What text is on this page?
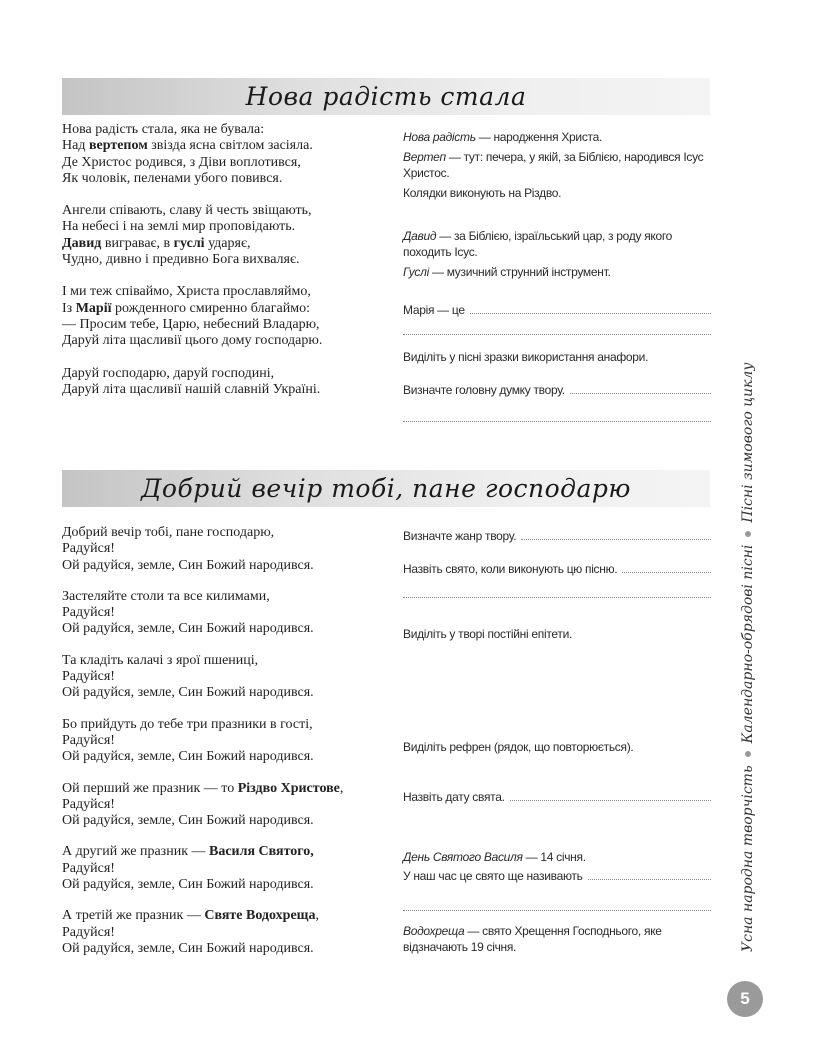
Нова радість стала
Нова радість стала, яка не бувала:
Над вертепом звізда ясна світлом засіяла.
Де Христос родився, з Діви воплотився,
Як чоловік, пеленами убого повився.
Ангели співають, славу й честь звіщають,
На небесі і на землі мир проповідають.
Давид виграває, в гуслі ударяє,
Чудно, дивно і предивно Бога вихваляє.
І ми теж співаймо, Христа прославляймо,
Із Марії рожденного смиренно благаймо:
— Просим тебе, Царю, небесний Владарю,
Даруй літа щасливії цього дому господарю.
Даруй господарю, даруй господині,
Даруй літа щасливії нашій славній Україні.
Нова радість — народження Христа.
Вертеп — тут: печера, у якій, за Біблією, народився Ісус Христос.
Колядки виконують на Різдво.
Давид — за Біблією, ізраїльський цар, з роду якого походить Ісус.
Гуслі — музичний струнний інструмент.
Марія — це
Виділіть у пісні зразки використання анафори.
Визначте головну думку твору.
Добрий вечір тобі, пане господарю
Добрий вечір тобі, пане господарю,
Радуйся!
Ой радуйся, земле, Син Божий народився.
Застеляйте столи та все килимами,
Радуйся!
Ой радуйся, земле, Син Божий народився.
Та кладіть калачі з ярої пшениці,
Радуйся!
Ой радуйся, земле, Син Божий народився.
Бо прийдуть до тебе три празники в гості,
Радуйся!
Ой радуйся, земле, Син Божий народився.
Ой перший же празник — то Різдво Христове,
Радуйся!
Ой радуйся, земле, Син Божий народився.
А другий же празник — Василя Святого,
Радуйся!
Ой радуйся, земле, Син Божий народився.
А третій же празник — Святе Водохреща,
Радуйся!
Ой радуйся, земле, Син Божий народився.
Визначте жанр твору.
Назвіть свято, коли виконують цю пісню.
Виділіть у творі постійні епітети.
Виділіть рефрен (рядок, що повторюється).
Назвіть дату свята.
День Святого Василя — 14 січня.
У наш час це свято ще називають
Водохреща — свято Хрещення Господнього, яке відзначають 19 січня.	Усна народна творчістьКалендарно-обрядові пісніПісні зимового циклу
5
